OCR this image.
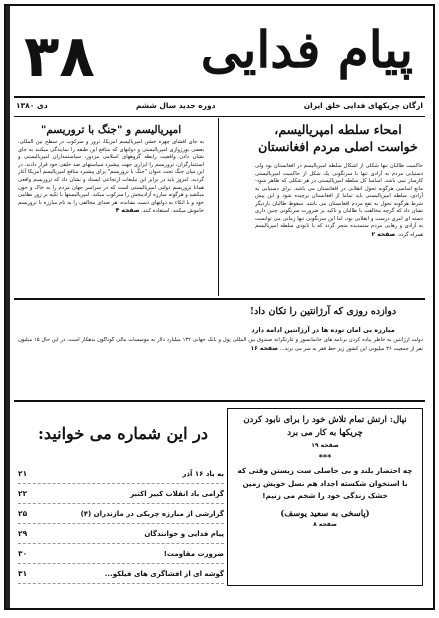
۳۸ پیام فدایی
ارگان چریکهای فدایی خلق ایران
دوره جدید سال ششم
دی ۱۳۸۰
امحاء سلطه امپریالیسم، خواست اصلی مردم افغانستان
حاکمیت طالبان تنها شکلی از اشکال سلطه امپریالیسم در افغانستان بود ولی دستیابی مردم به آزادی تنها با سرنگونی یک شکل از حاکمیت امپریالیستی کارساز نمی باشد. اساسا کل سلطه امپریالیستی در هر شکلی که ظاهر شود- مانع اساسی هرگونه تحول انقلابی در افغانستان می باشد. برای دستیابی به آزادی، سلطه امپریالیستی باید تماما از افغانستان برچیده شود و این پیش شرط هرگونه تحول به نفع مردم افغانستان می باشد. سقوط طالبان باردیگر نشان داد که گرچه مخالفت با طالبان و تاکید بر ضرورت سرنگونی چنین داری دسته ای امری درست و انقلابی بود، اما این سرنگونی تنها زمانی می توانست به آزادی و رهایی مردم ستمدیده منجر گردد که با نابودی سلطه امپریالیسم همراه گردد. صفحه ۲
امپریالیسم و "جنگ با تروریسم"
به جای افشای چهره خشن امپریالیسم آمریکا، ترور و سرکوب در سطح بین المللی، بعضی بورژوازی امپریالیستی و دولتهای که منافع این طبقه را نمایندگی میکنند به جای نشان دادن واقعیت رابطه گروههای اسلامی مزدور، سیاستمداران امپریالیستی و استثمارگران، تروریسم را ابزاری جهت پیشبرد سیاستهای ضد خلقی خود قرار دادند. در این میان جنگ تحت عنوان "جنگ با تروریسم" برای پیشبرد منافع امپریالیسم آمریکا آغاز گردید. امروز باید در برابر این تبلیغات ارتجاعی ایستاد و نشان داد که تروریسم واقعی همانا تروریسم دولتی امپریالیستی است که در سراسر جهان مردم را به خاک و خون میکشد و هرگونه مبارزه آزادیبخش را سرکوب میکند. امپریالیستها با تکیه بر زور نظامی خود و با اتکاء به دولتهای دست نشانده، هر صدای مخالفی را به نام مبارزه با تروریسم خاموش میکنند. استفاده کنند. صفحه ۴
دوازده روزی که آرژانتین را تکان داد!
مبارزه بی امان توده ها در آرژانتین ادامه دارد
دولت آرژانتین به خاطر پیاده کردن برنامه های خانمانسوز و غارتگرانه صندوق بین المللی پول و بانک جهانی ۱۳۲ میلیارد دلار به موسسات مالی گوناگون بدهکار است، در این حال ۱۵ میلیون نفر از جمعیت ۳۶ میلیونی این کشور زیر خط فقر به سر می برند... صفحه ۱۶
نپال: ارتش تمام تلاش خود را برای نابود کردن چریکها به کار می برد
صفحه ۱۹
***
چه احتضار بلند و بی حاصلی ست زیستن وقتی که با استخوان شکسته اجداد هم نسل خویش زمین خشک زندگی خود را شخم می زنیم!
(پاسخی به سعید یوسف)
صفحه ۸
در این شماره می خوانید:
به یاد ۱۶ آذر
۲۱
گرامی باد انقلاب کبیر اکتبر
۲۲
گزارشی از مبارزه چریکی در مازندران (۴)
۲۵
پیام فدایی و خوانندگان
۲۹
ضرورت مقاومت!
۳۰
گوشه ای از افشاگری های فیلکو...
۳۱
